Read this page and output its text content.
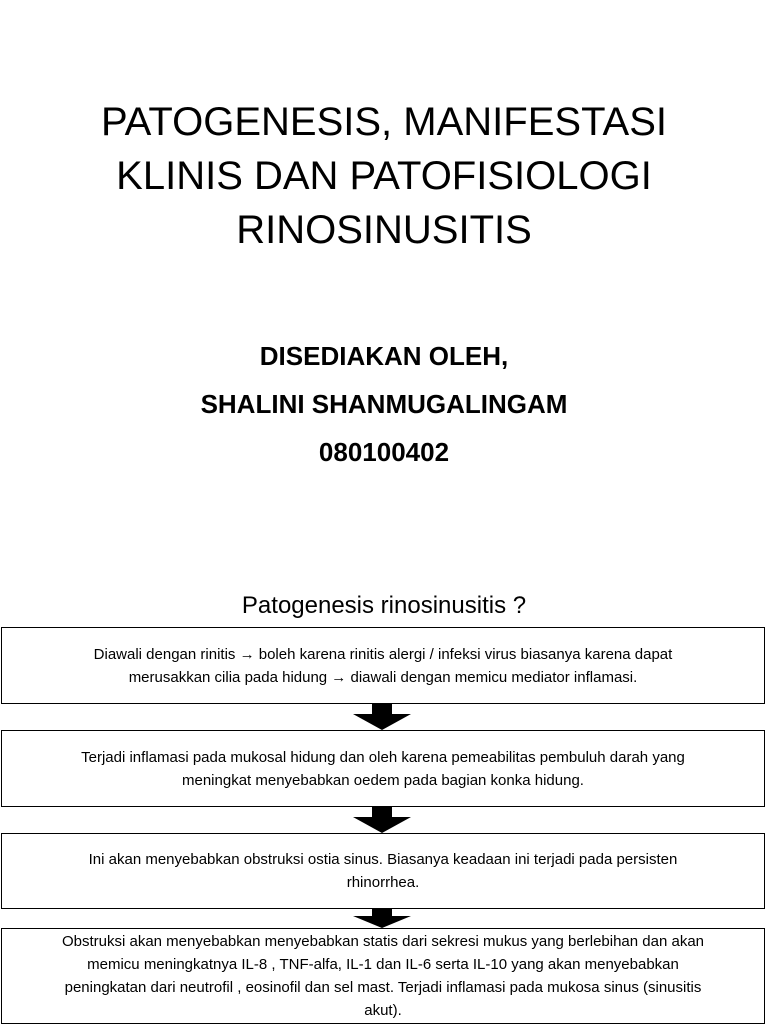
PATOGENESIS, MANIFESTASI
KLINIS DAN PATOFISIOLOGI
RINOSINUSITIS
DISEDIAKAN OLEH,
SHALINI SHANMUGALINGAM
080100402
Patogenesis rinosinusitis ?
Diawali dengan rinitis → boleh karena rinitis alergi / infeksi virus biasanya karena dapat
merusakkan cilia pada hidung → diawali dengan memicu mediator inflamasi.
Terjadi inflamasi pada mukosal hidung dan oleh karena pemeabilitas pembuluh darah yang
meningkat menyebabkan oedem pada bagian konka hidung.
Ini akan menyebabkan obstruksi ostia sinus. Biasanya keadaan ini terjadi pada persisten
rhinorrhea.
Obstruksi akan menyebabkan menyebabkan statis dari sekresi mukus yang berlebihan dan akan
memicu meningkatnya IL-8 , TNF-alfa, IL-1 dan IL-6 serta IL-10 yang akan menyebabkan
peningkatan dari neutrofil , eosinofil dan sel mast. Terjadi inflamasi pada mukosa sinus (sinusitis
akut).
